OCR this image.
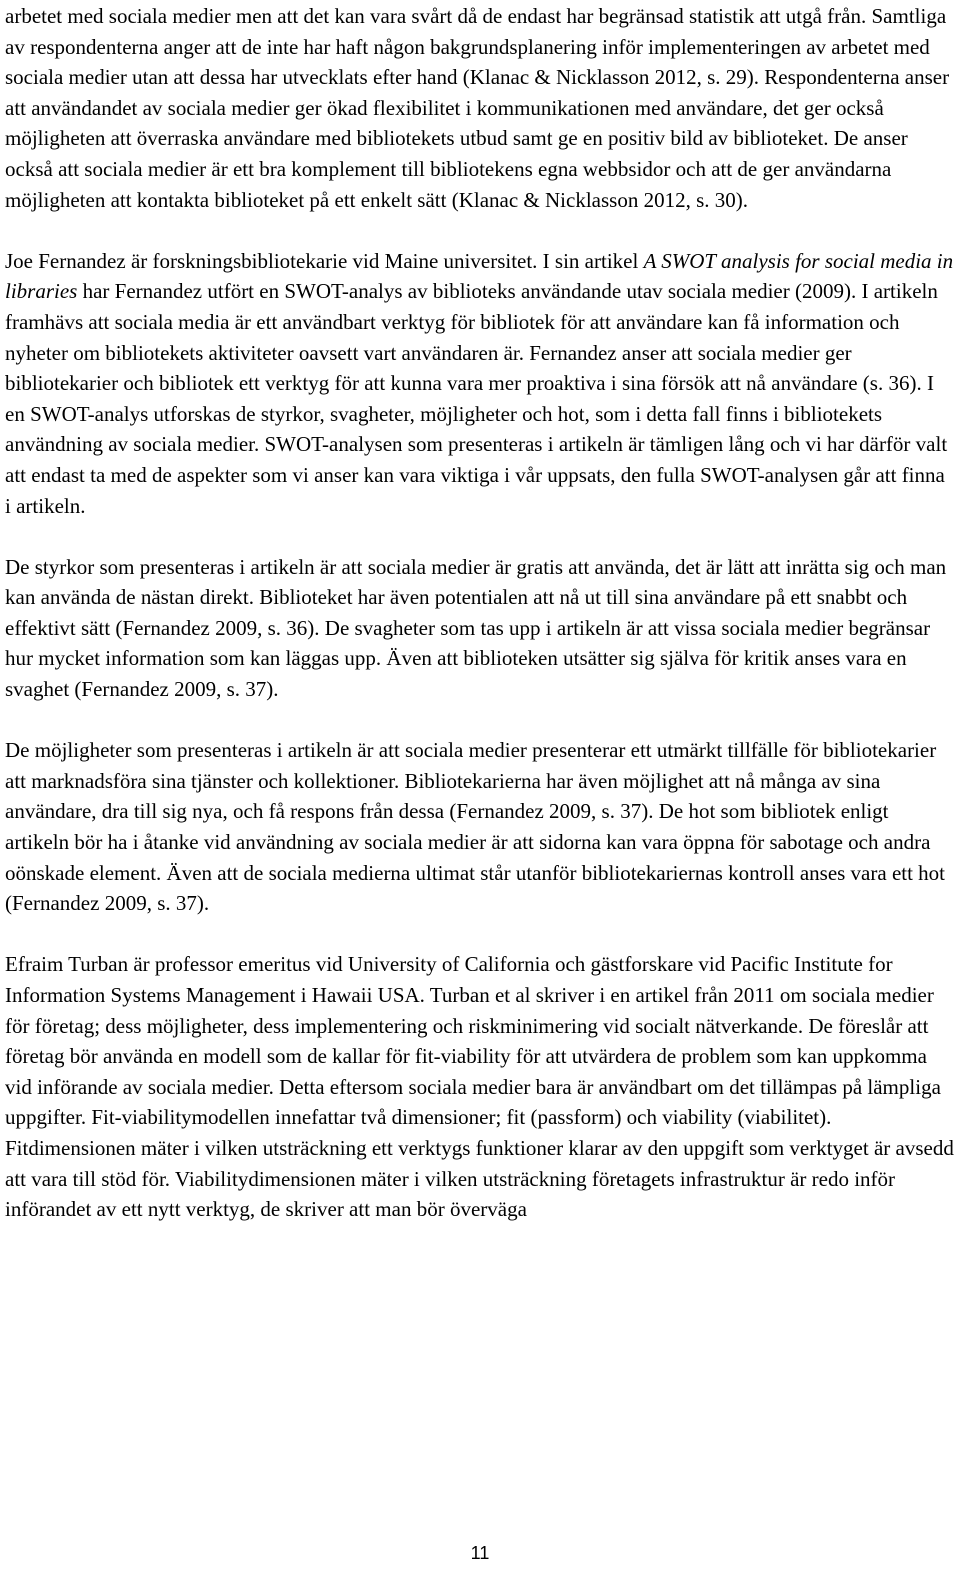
arbetet med sociala medier men att det kan vara svårt då de endast har begränsad statistik att utgå från. Samtliga av respondenterna anger att de inte har haft någon bakgrundsplanering inför implementeringen av arbetet med sociala medier utan att dessa har utvecklats efter hand (Klanac & Nicklasson 2012, s. 29). Respondenterna anser att användandet av sociala medier ger ökad flexibilitet i kommunikationen med användare, det ger också möjligheten att överraska användare med bibliotekets utbud samt ge en positiv bild av biblioteket. De anser också att sociala medier är ett bra komplement till bibliotekens egna webbsidor och att de ger användarna möjligheten att kontakta biblioteket på ett enkelt sätt (Klanac & Nicklasson 2012, s. 30).

Joe Fernandez är forskningsbibliotekarie vid Maine universitet. I sin artikel A SWOT analysis for social media in libraries har Fernandez utfört en SWOT-analys av biblioteks användande utav sociala medier (2009). I artikeln framhävs att sociala media är ett användbart verktyg för bibliotek för att användare kan få information och nyheter om bibliotekets aktiviteter oavsett vart användaren är. Fernandez anser att sociala medier ger bibliotekarier och bibliotek ett verktyg för att kunna vara mer proaktiva i sina försök att nå användare (s. 36). I en SWOT-analys utforskas de styrkor, svagheter, möjligheter och hot, som i detta fall finns i bibliotekets användning av sociala medier. SWOT-analysen som presenteras i artikeln är tämligen lång och vi har därför valt att endast ta med de aspekter som vi anser kan vara viktiga i vår uppsats, den fulla SWOT-analysen går att finna i artikeln.

De styrkor som presenteras i artikeln är att sociala medier är gratis att använda, det är lätt att inrätta sig och man kan använda de nästan direkt. Biblioteket har även potentialen att nå ut till sina användare på ett snabbt och effektivt sätt (Fernandez 2009, s. 36). De svagheter som tas upp i artikeln är att vissa sociala medier begränsar hur mycket information som kan läggas upp. Även att biblioteken utsätter sig själva för kritik anses vara en svaghet (Fernandez 2009, s. 37).

De möjligheter som presenteras i artikeln är att sociala medier presenterar ett utmärkt tillfälle för bibliotekarier att marknadsföra sina tjänster och kollektioner. Bibliotekarierna har även möjlighet att nå många av sina användare, dra till sig nya, och få respons från dessa (Fernandez 2009, s. 37). De hot som bibliotek enligt artikeln bör ha i åtanke vid användning av sociala medier är att sidorna kan vara öppna för sabotage och andra oönskade element. Även att de sociala medierna ultimat står utanför bibliotekariernas kontroll anses vara ett hot (Fernandez 2009, s. 37).

Efraim Turban är professor emeritus vid University of California och gästforskare vid Pacific Institute for Information Systems Management i Hawaii USA. Turban et al skriver i en artikel från 2011 om sociala medier för företag; dess möjligheter, dess implementering och riskminimering vid socialt nätverkande. De föreslår att företag bör använda en modell som de kallar för fit-viability för att utvärdera de problem som kan uppkomma vid införande av sociala medier. Detta eftersom sociala medier bara är användbart om det tillämpas på lämpliga uppgifter. Fit-viabilitymodellen innefattar två dimensioner; fit (passform) och viability (viabilitet). Fitdimensionen mäter i vilken utsträckning ett verktygs funktioner klarar av den uppgift som verktyget är avsedd att vara till stöd för. Viabilitydimensionen mäter i vilken utsträckning företagets infrastruktur är redo inför införandet av ett nytt verktyg, de skriver att man bör överväga

11
